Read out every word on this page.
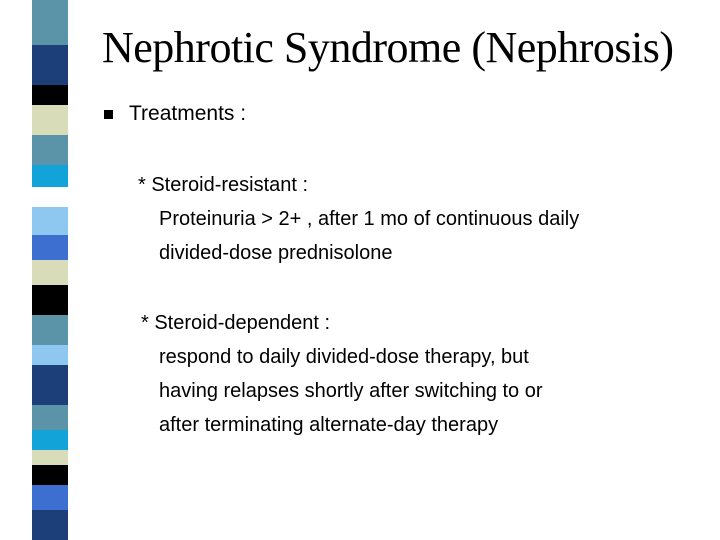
Nephrotic Syndrome (Nephrosis)
Treatments :
* Steroid-resistant :
Proteinuria > 2+ , after 1 mo of continuous daily
divided-dose prednisolone
* Steroid-dependent :
respond to daily divided-dose therapy, but
having relapses shortly after switching to or
after terminating alternate-day therapy
